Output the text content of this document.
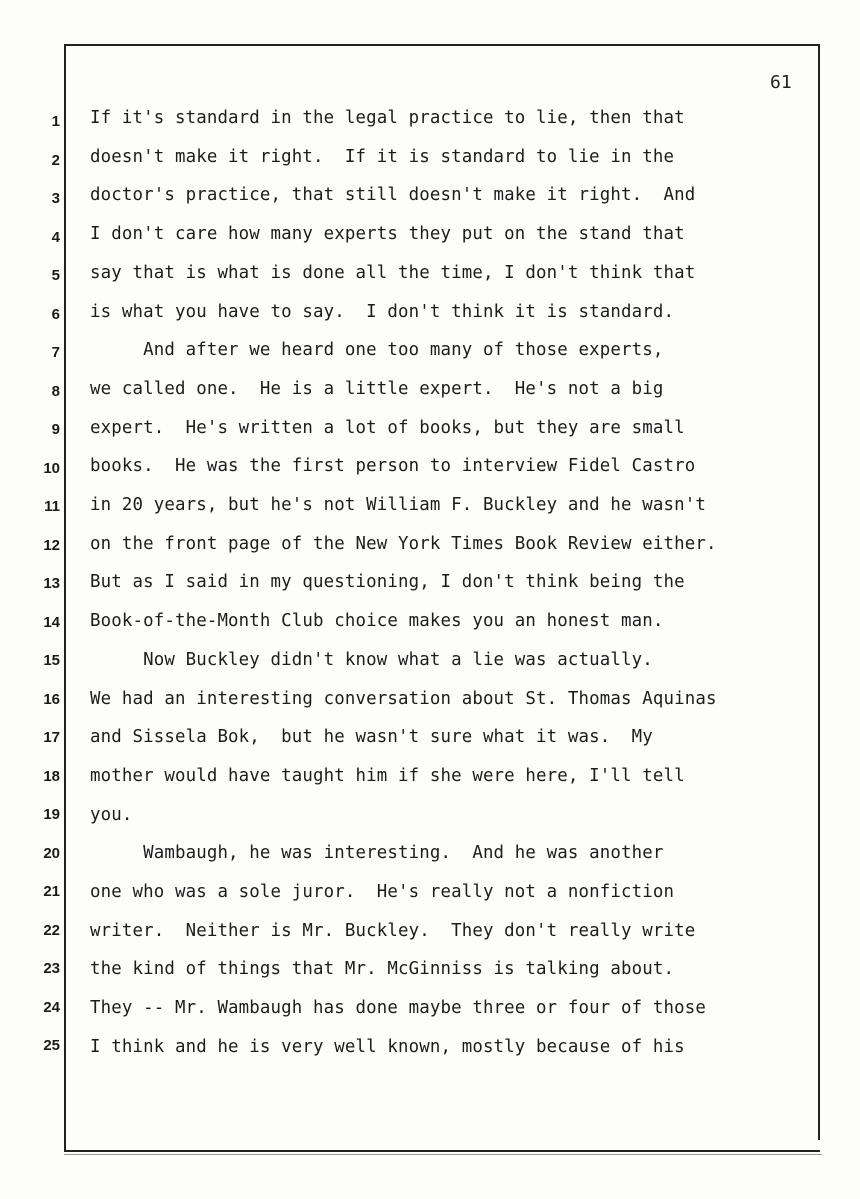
61
1
2
3
4
5
6
7
8
9
10
11
12
13
14
15
16
17
18
19
20
21
22
23
24
25
If it's standard in the legal practice to lie, then that
doesn't make it right.  If it is standard to lie in the
doctor's practice, that still doesn't make it right.  And
I don't care how many experts they put on the stand that
say that is what is done all the time, I don't think that
is what you have to say.  I don't think it is standard.
And after we heard one too many of those experts,
we called one.  He is a little expert.  He's not a big
expert.  He's written a lot of books, but they are small
books.  He was the first person to interview Fidel Castro
in 20 years, but he's not William F. Buckley and he wasn't
on the front page of the New York Times Book Review either.
But as I said in my questioning, I don't think being the
Book-of-the-Month Club choice makes you an honest man.
Now Buckley didn't know what a lie was actually.
We had an interesting conversation about St. Thomas Aquinas
and Sissela Bok,  but he wasn't sure what it was.  My
mother would have taught him if she were here, I'll tell
you.
Wambaugh, he was interesting.  And he was another
one who was a sole juror.  He's really not a nonfiction
writer.  Neither is Mr. Buckley.  They don't really write
the kind of things that Mr. McGinniss is talking about.
They -- Mr. Wambaugh has done maybe three or four of those
I think and he is very well known, mostly because of his
